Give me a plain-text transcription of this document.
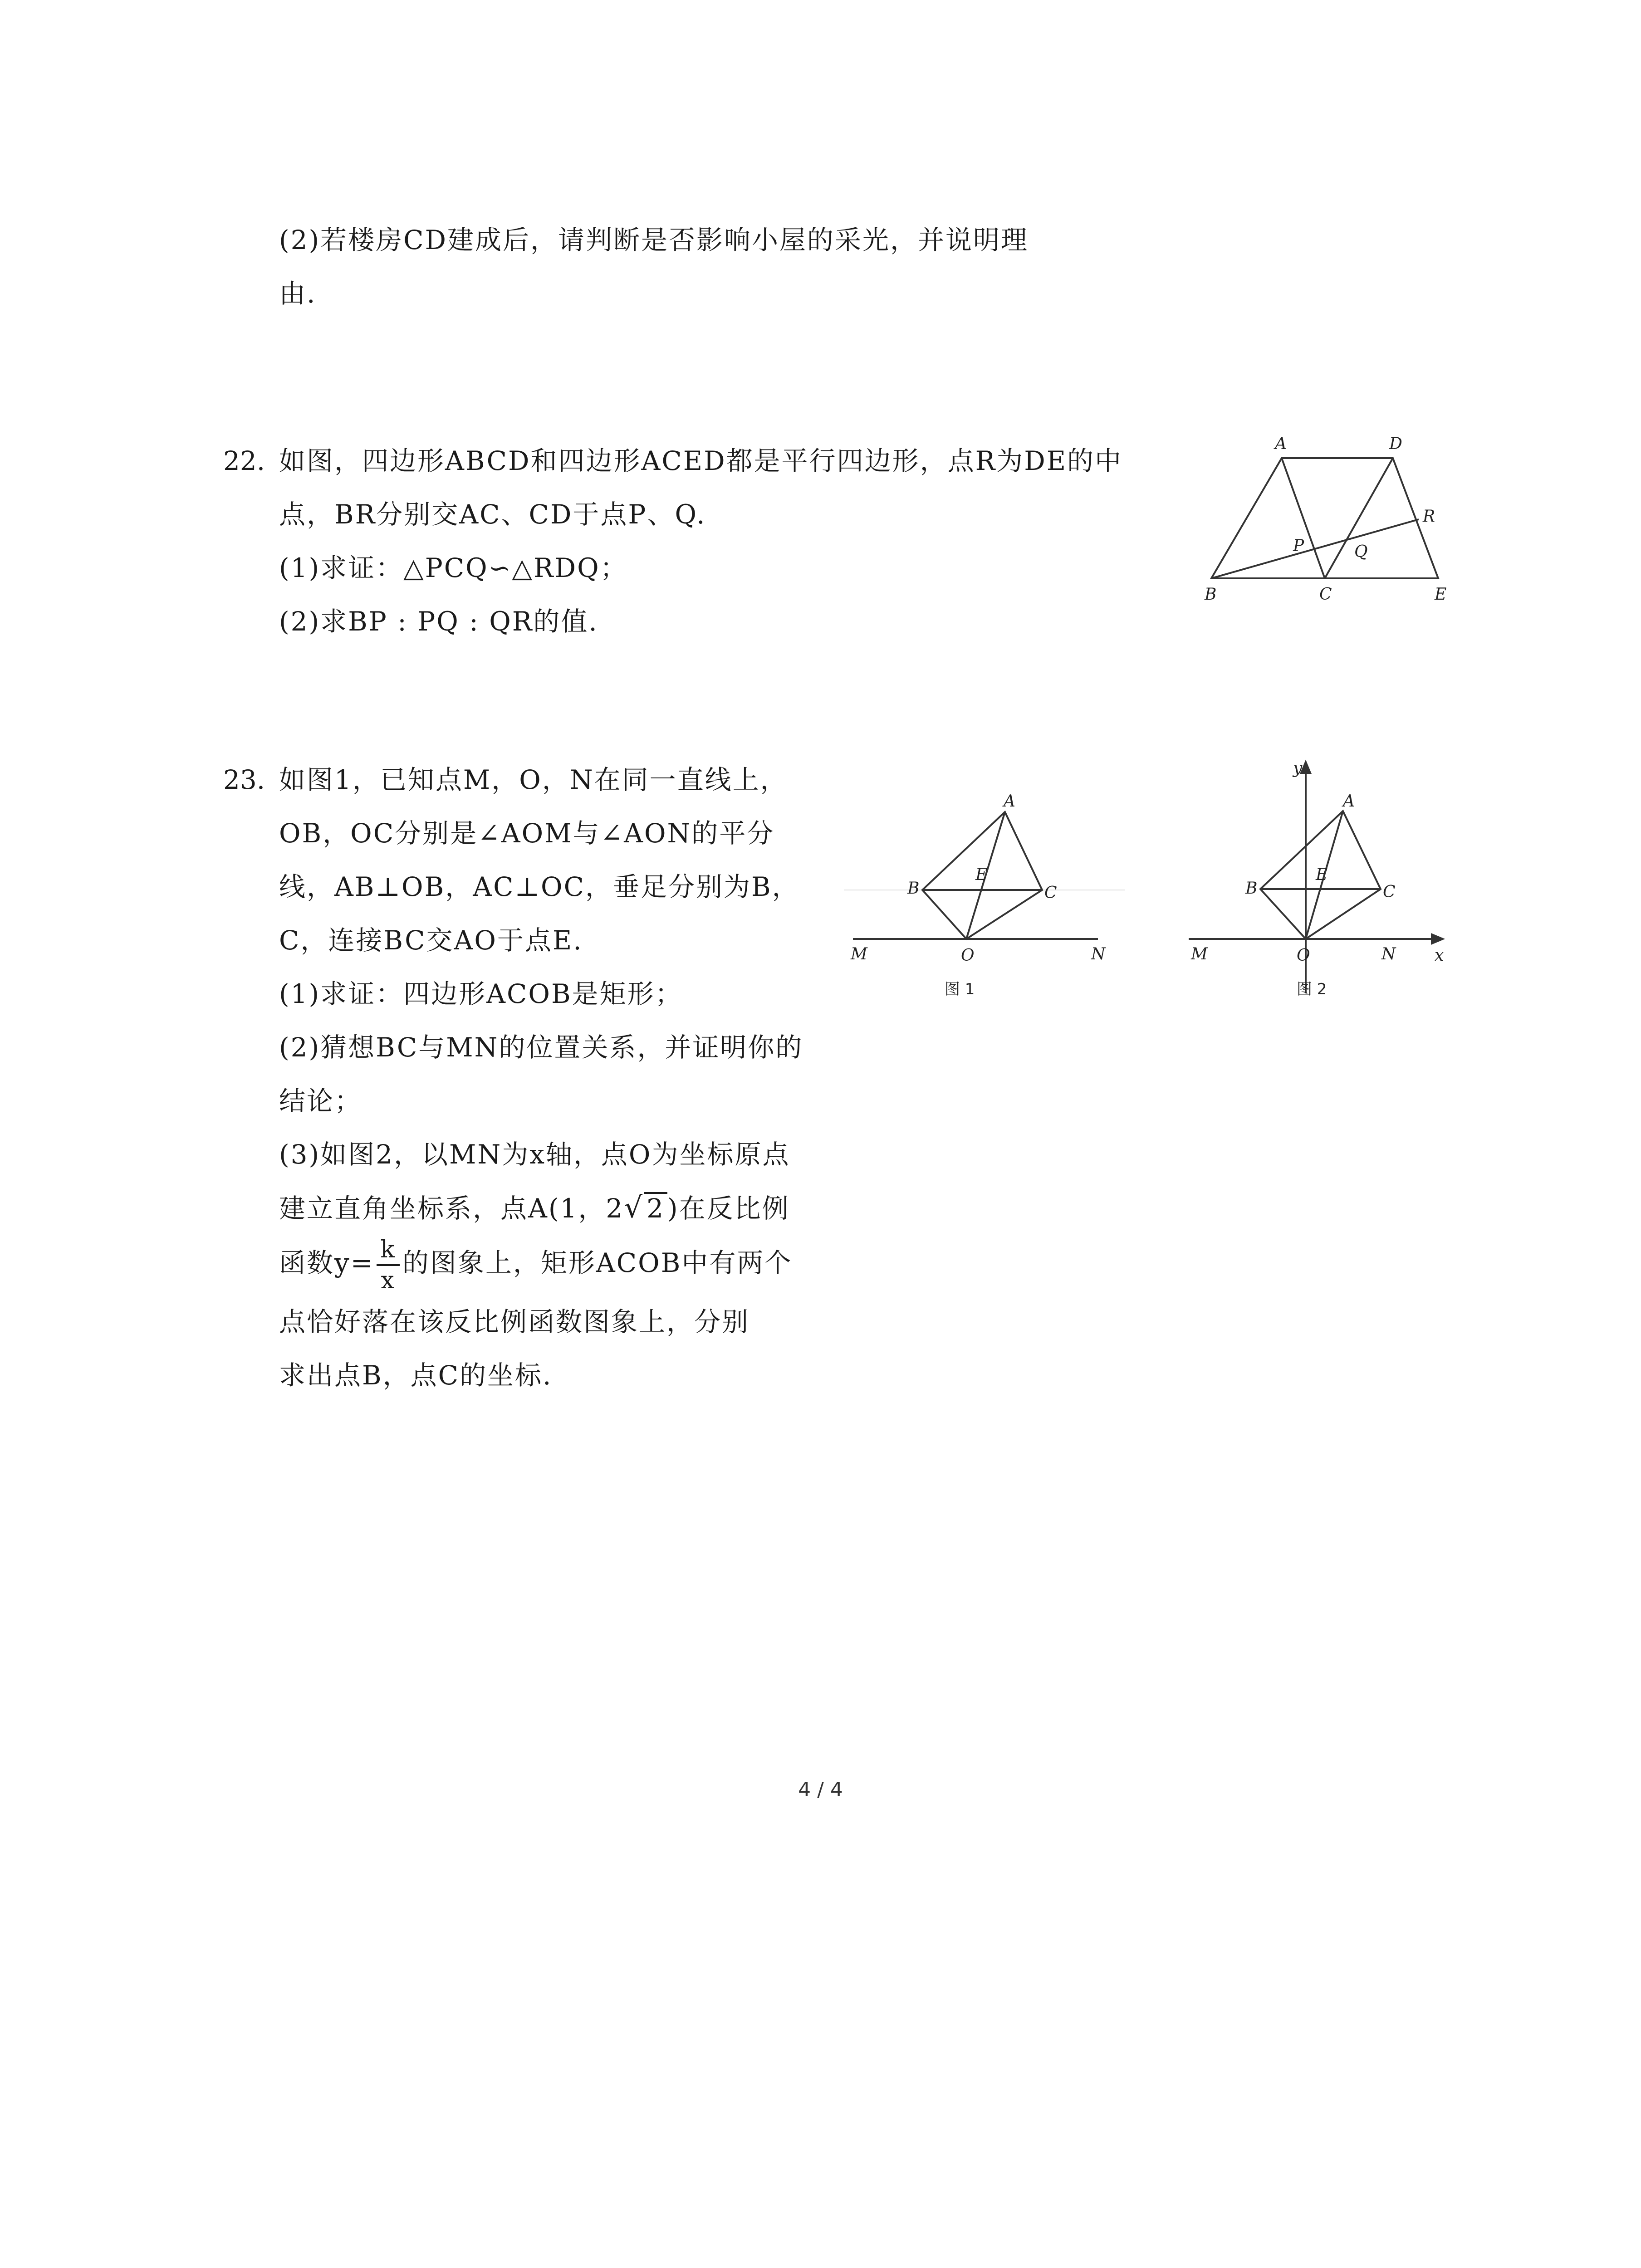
(2)若楼房CD建成后，请判断是否影响小屋的采光，并说明理
由.
22. 如图，四边形ABCD和四边形ACED都是平行四边形，点R为DE的中
点，BR分别交AC、CD于点P、Q.
(1)求证：△PCQ∽△RDQ；
(2)求BP : PQ : QR的值.
A	D
R
P	Q
B	C	E
23. 如图1，已知点M，O，N在同一直线上，
OB，OC分别是∠AOM与∠AON的平分
线，AB⊥OB，AC⊥OC，垂足分别为B，
C，连接BC交AO于点E.
(1)求证：四边形ACOB是矩形；
(2)猜想BC与MN的位置关系，并证明你的
结论；
(3)如图2，以MN为x轴，点O为坐标原点
建立直角坐标系，点A(1，2√ 2 )在反比例
函数$y= \frac{k}{x}$ 的图象上，矩形ACOB中有两个
点恰好落在该反比例函数图象上，分别
求出点B，点C的坐标.
A
B	C
E
M	O	N
图 1
y
A
B	C
E
M	O	N x
图 2
4 / 4
